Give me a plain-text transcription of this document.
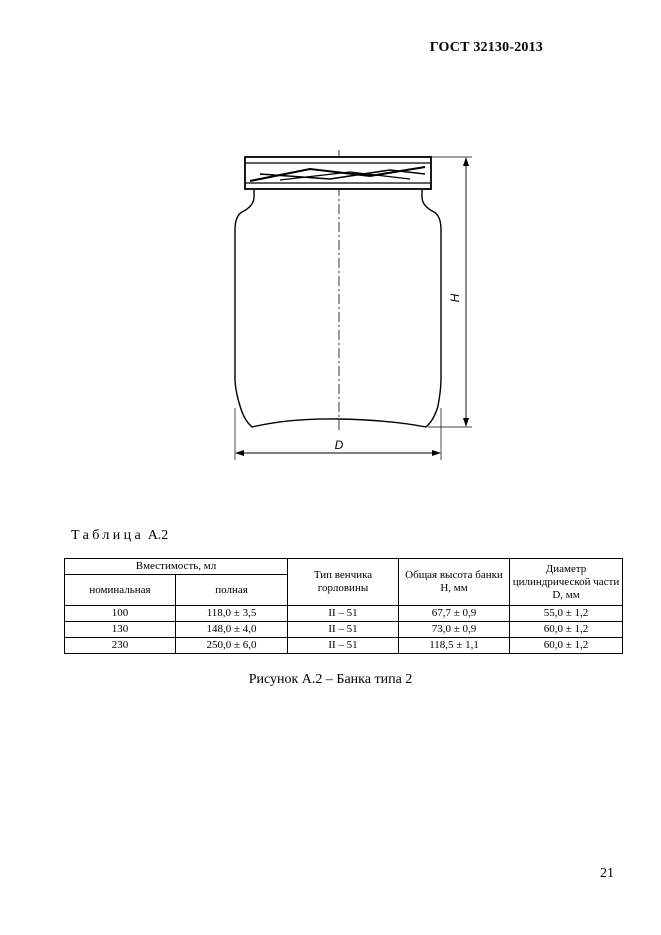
ГОСТ 32130-2013
H
D
Таблица А.2
Вместимость, мл		Тип венчика горловины	Общая высота банки H, мм	Диаметр цилиндрической части D, мм
номинальная	полная			
100	118,0 ± 3,5	II – 51	67,7 ± 0,9	55,0 ± 1,2
130	148,0 ± 4,0	II – 51	73,0 ± 0,9	60,0 ± 1,2
230	250,0 ± 6,0	II – 51	118,5 ± 1,1	60,0 ± 1,2
Рисунок А.2 – Банка типа 2
21
